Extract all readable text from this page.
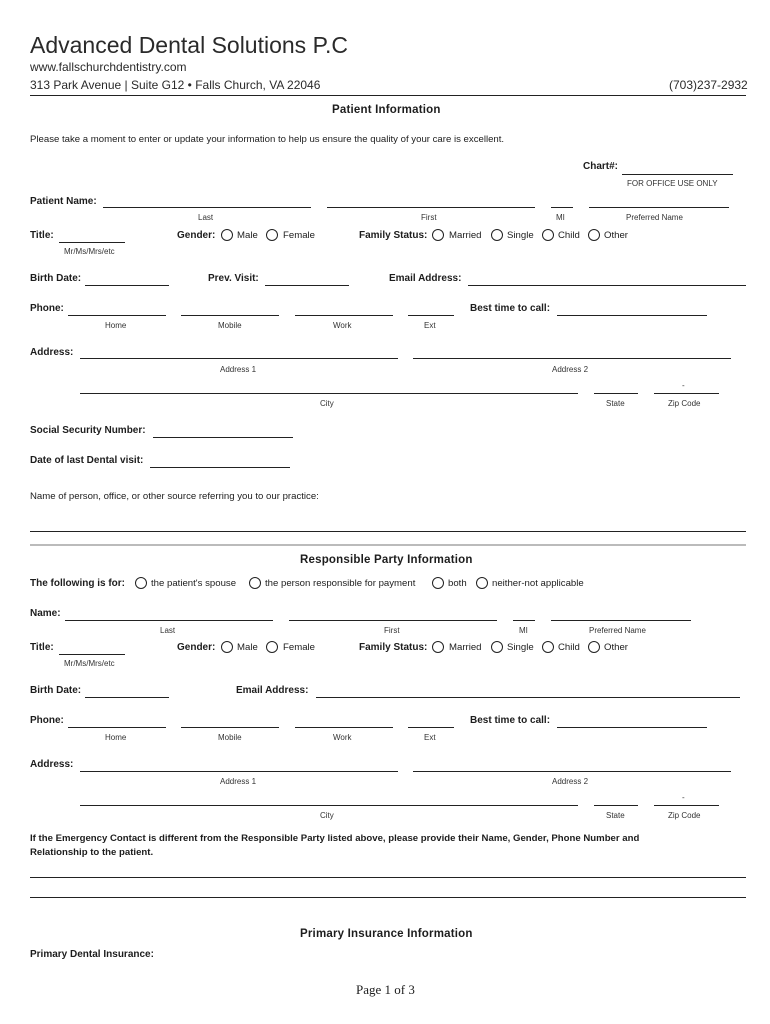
Advanced Dental Solutions P.C
www.fallschurchdentistry.com
313 Park Avenue | Suite G12 • Falls Church, VA 22046	(703)237-2932
Patient Information
Please take a moment to enter or update your information to help us ensure the quality of your care is excellent.
Chart#:
FOR OFFICE USE ONLY
Patient Name:
Last	First	MI	Preferred Name
Title:
Mr/Ms/Mrs/etc
Gender: Male	Female	Family Status: Married	Single	Child	Other
Birth Date:	Prev. Visit:	Email Address:
Phone:	Best time to call:
Home	Mobile	Work	Ext
Address:
Address 1	Address 2
-
City	State	Zip Code
Social Security Number:
Date of last Dental visit:
Name of person, office, or other source referring you to our practice:
Responsible Party Information
The following is for:	the patient's spouse	the person responsible for payment	both	neither-not applicable
Name:
Last	First	MI	Preferred Name
Title:
Mr/Ms/Mrs/etc
Gender: Male	Female	Family Status: Married	Single	Child	Other
Birth Date:	Email Address:
Phone:	Best time to call:
Home	Mobile	Work	Ext
Address:
Address 1	Address 2
-
City	State	Zip Code
If the Emergency Contact is different from the Responsible Party listed above, please provide their Name, Gender, Phone Number and
Relationship to the patient.
Primary Insurance Information
Primary Dental Insurance:
Page 1 of 3
